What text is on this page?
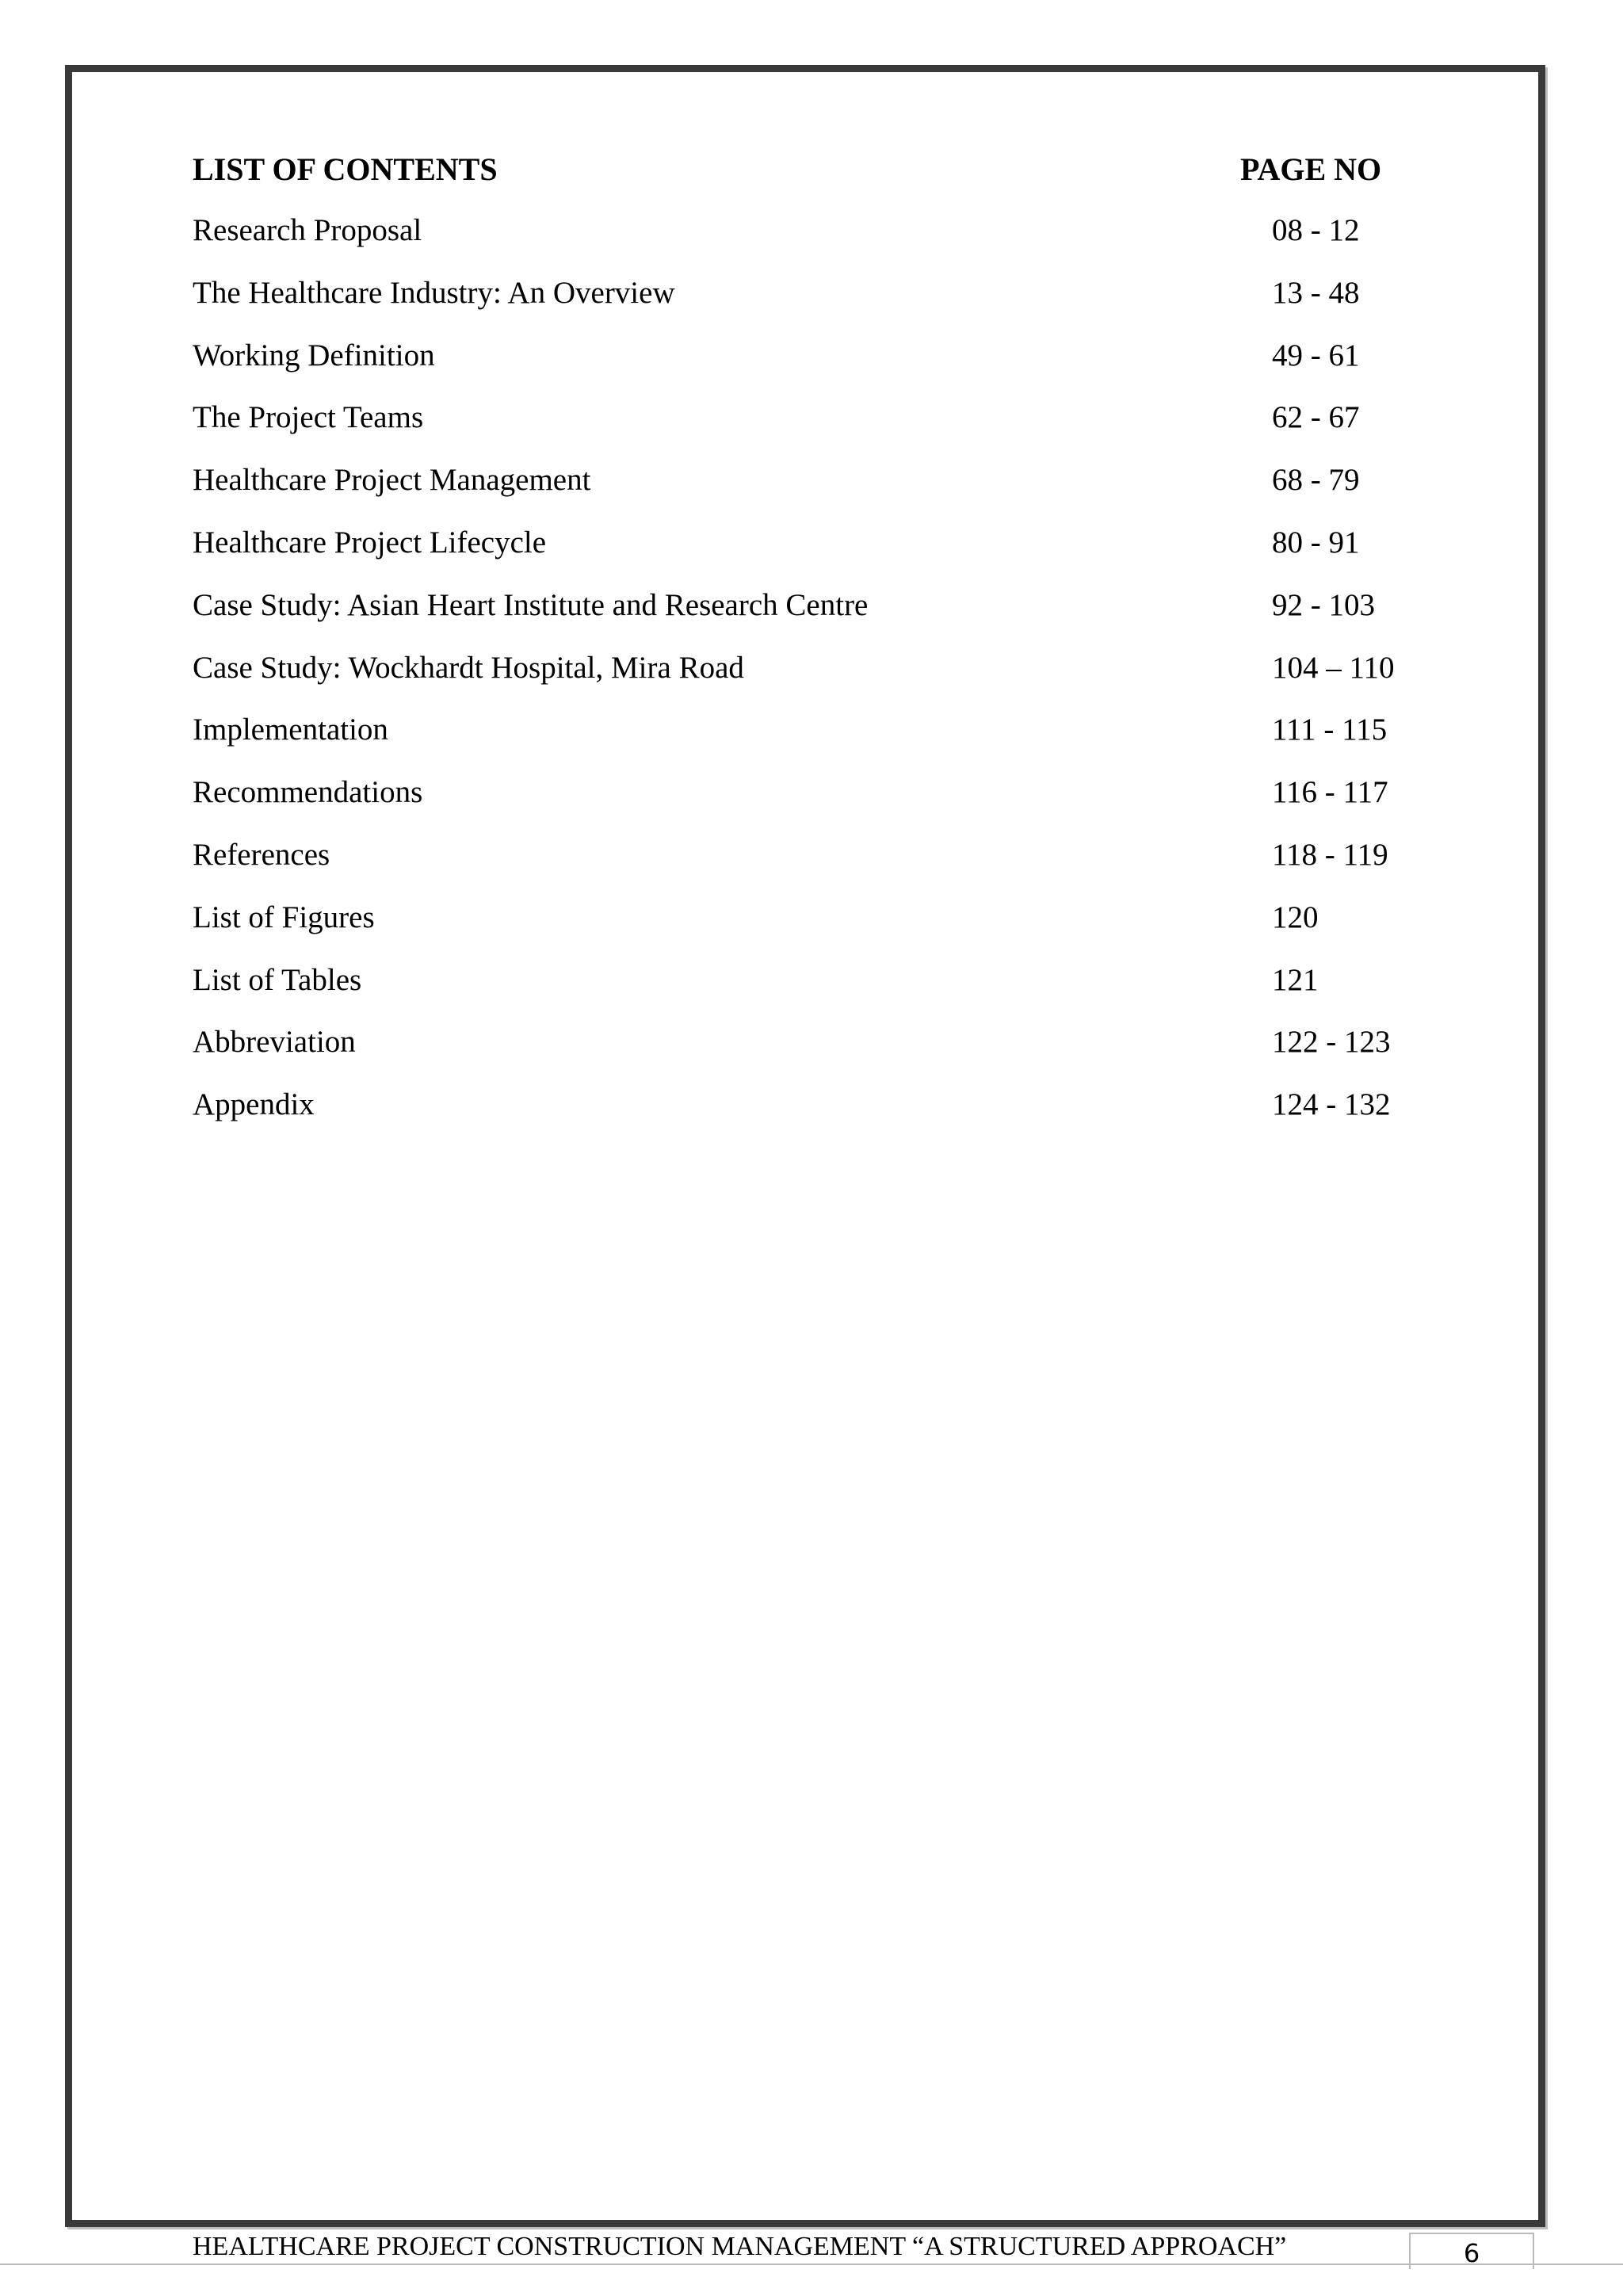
LIST OF CONTENTS	PAGE NO
Research Proposal	08 - 12
The Healthcare Industry: An Overview	13 - 48
Working Definition	49 - 61
The Project Teams	62 - 67
Healthcare Project Management	68 - 79
Healthcare Project Lifecycle	80 - 91
Case Study: Asian Heart Institute and Research Centre	92 - 103
Case Study: Wockhardt Hospital, Mira Road	104 – 110
Implementation	111 - 115
Recommendations	116 - 117
References	118 - 119
List of Figures	120
List of Tables	121
Abbreviation	122 - 123
Appendix	124 - 132
HEALTHCARE PROJECT CONSTRUCTION MANAGEMENT “A STRUCTURED APPROACH”	6
